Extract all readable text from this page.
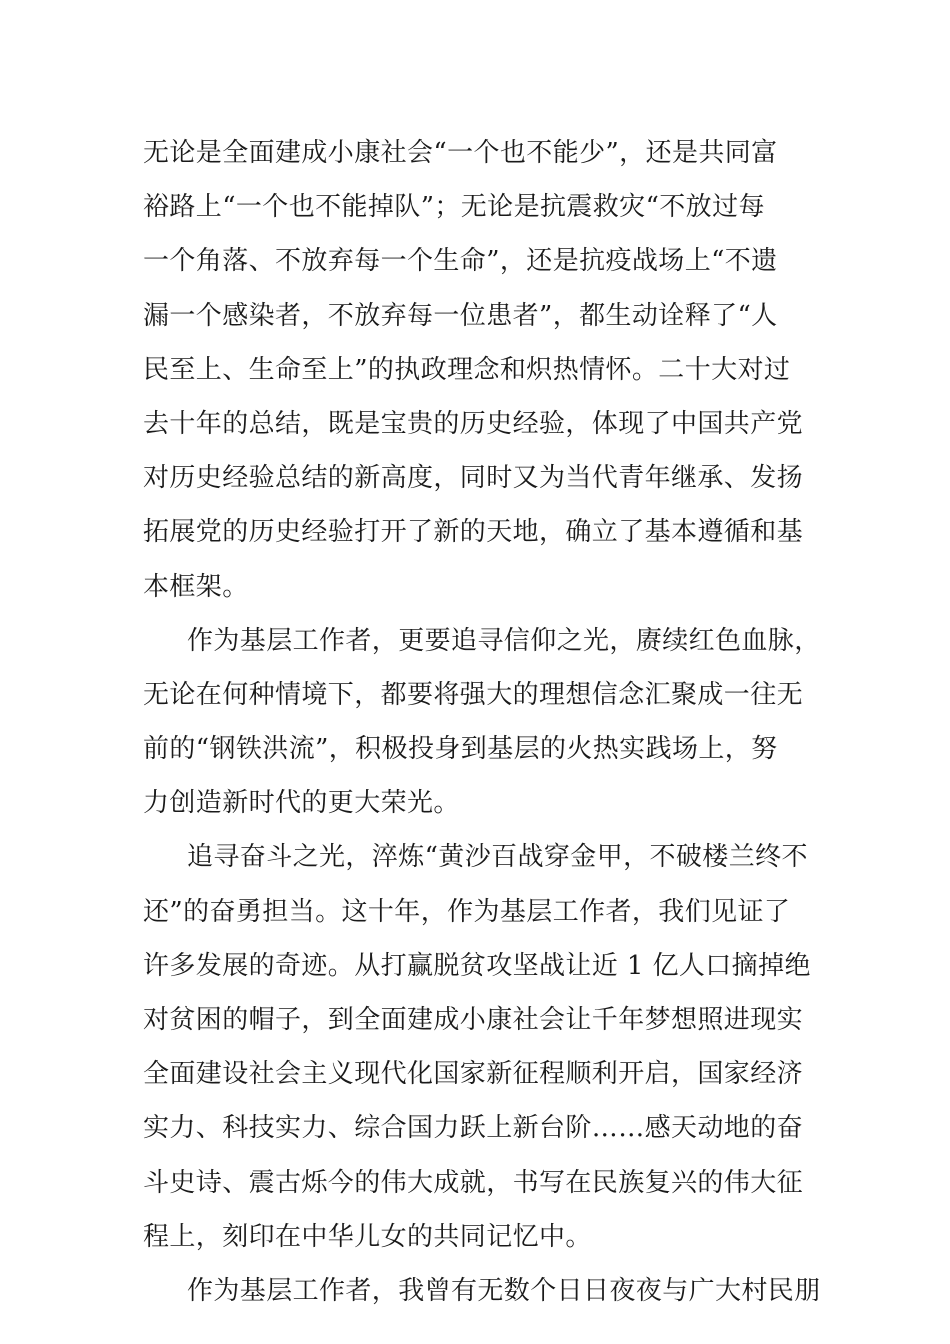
无论是全面建成小康社会“一个也不能少”，还是共同富
裕路上“一个也不能掉队”；无论是抗震救灾“不放过每
一个角落、不放弃每一个生命”，还是抗疫战场上“不遗
漏一个感染者，不放弃每一位患者”，都生动诠释了“人
民至上、生命至上”的执政理念和炽热情怀。二十大对过
去十年的总结，既是宝贵的历史经验，体现了中国共产党
对历史经验总结的新高度，同时又为当代青年继承、发扬
拓展党的历史经验打开了新的天地，确立了基本遵循和基
本框架。
作为基层工作者，更要追寻信仰之光，赓续红色血脉，
无论在何种情境下，都要将强大的理想信念汇聚成一往无
前的“钢铁洪流”，积极投身到基层的火热实践场上，努
力创造新时代的更大荣光。
追寻奋斗之光，淬炼“黄沙百战穿金甲，不破楼兰终不
还”的奋勇担当。这十年，作为基层工作者，我们见证了
许多发展的奇迹。从打赢脱贫攻坚战让近 1 亿人口摘掉绝
对贫困的帽子，到全面建成小康社会让千年梦想照进现实
全面建设社会主义现代化国家新征程顺利开启，国家经济
实力、科技实力、综合国力跃上新台阶……感天动地的奋
斗史诗、震古烁今的伟大成就，书写在民族复兴的伟大征
程上，刻印在中华儿女的共同记忆中。
作为基层工作者，我曾有无数个日日夜夜与广大村民朋
